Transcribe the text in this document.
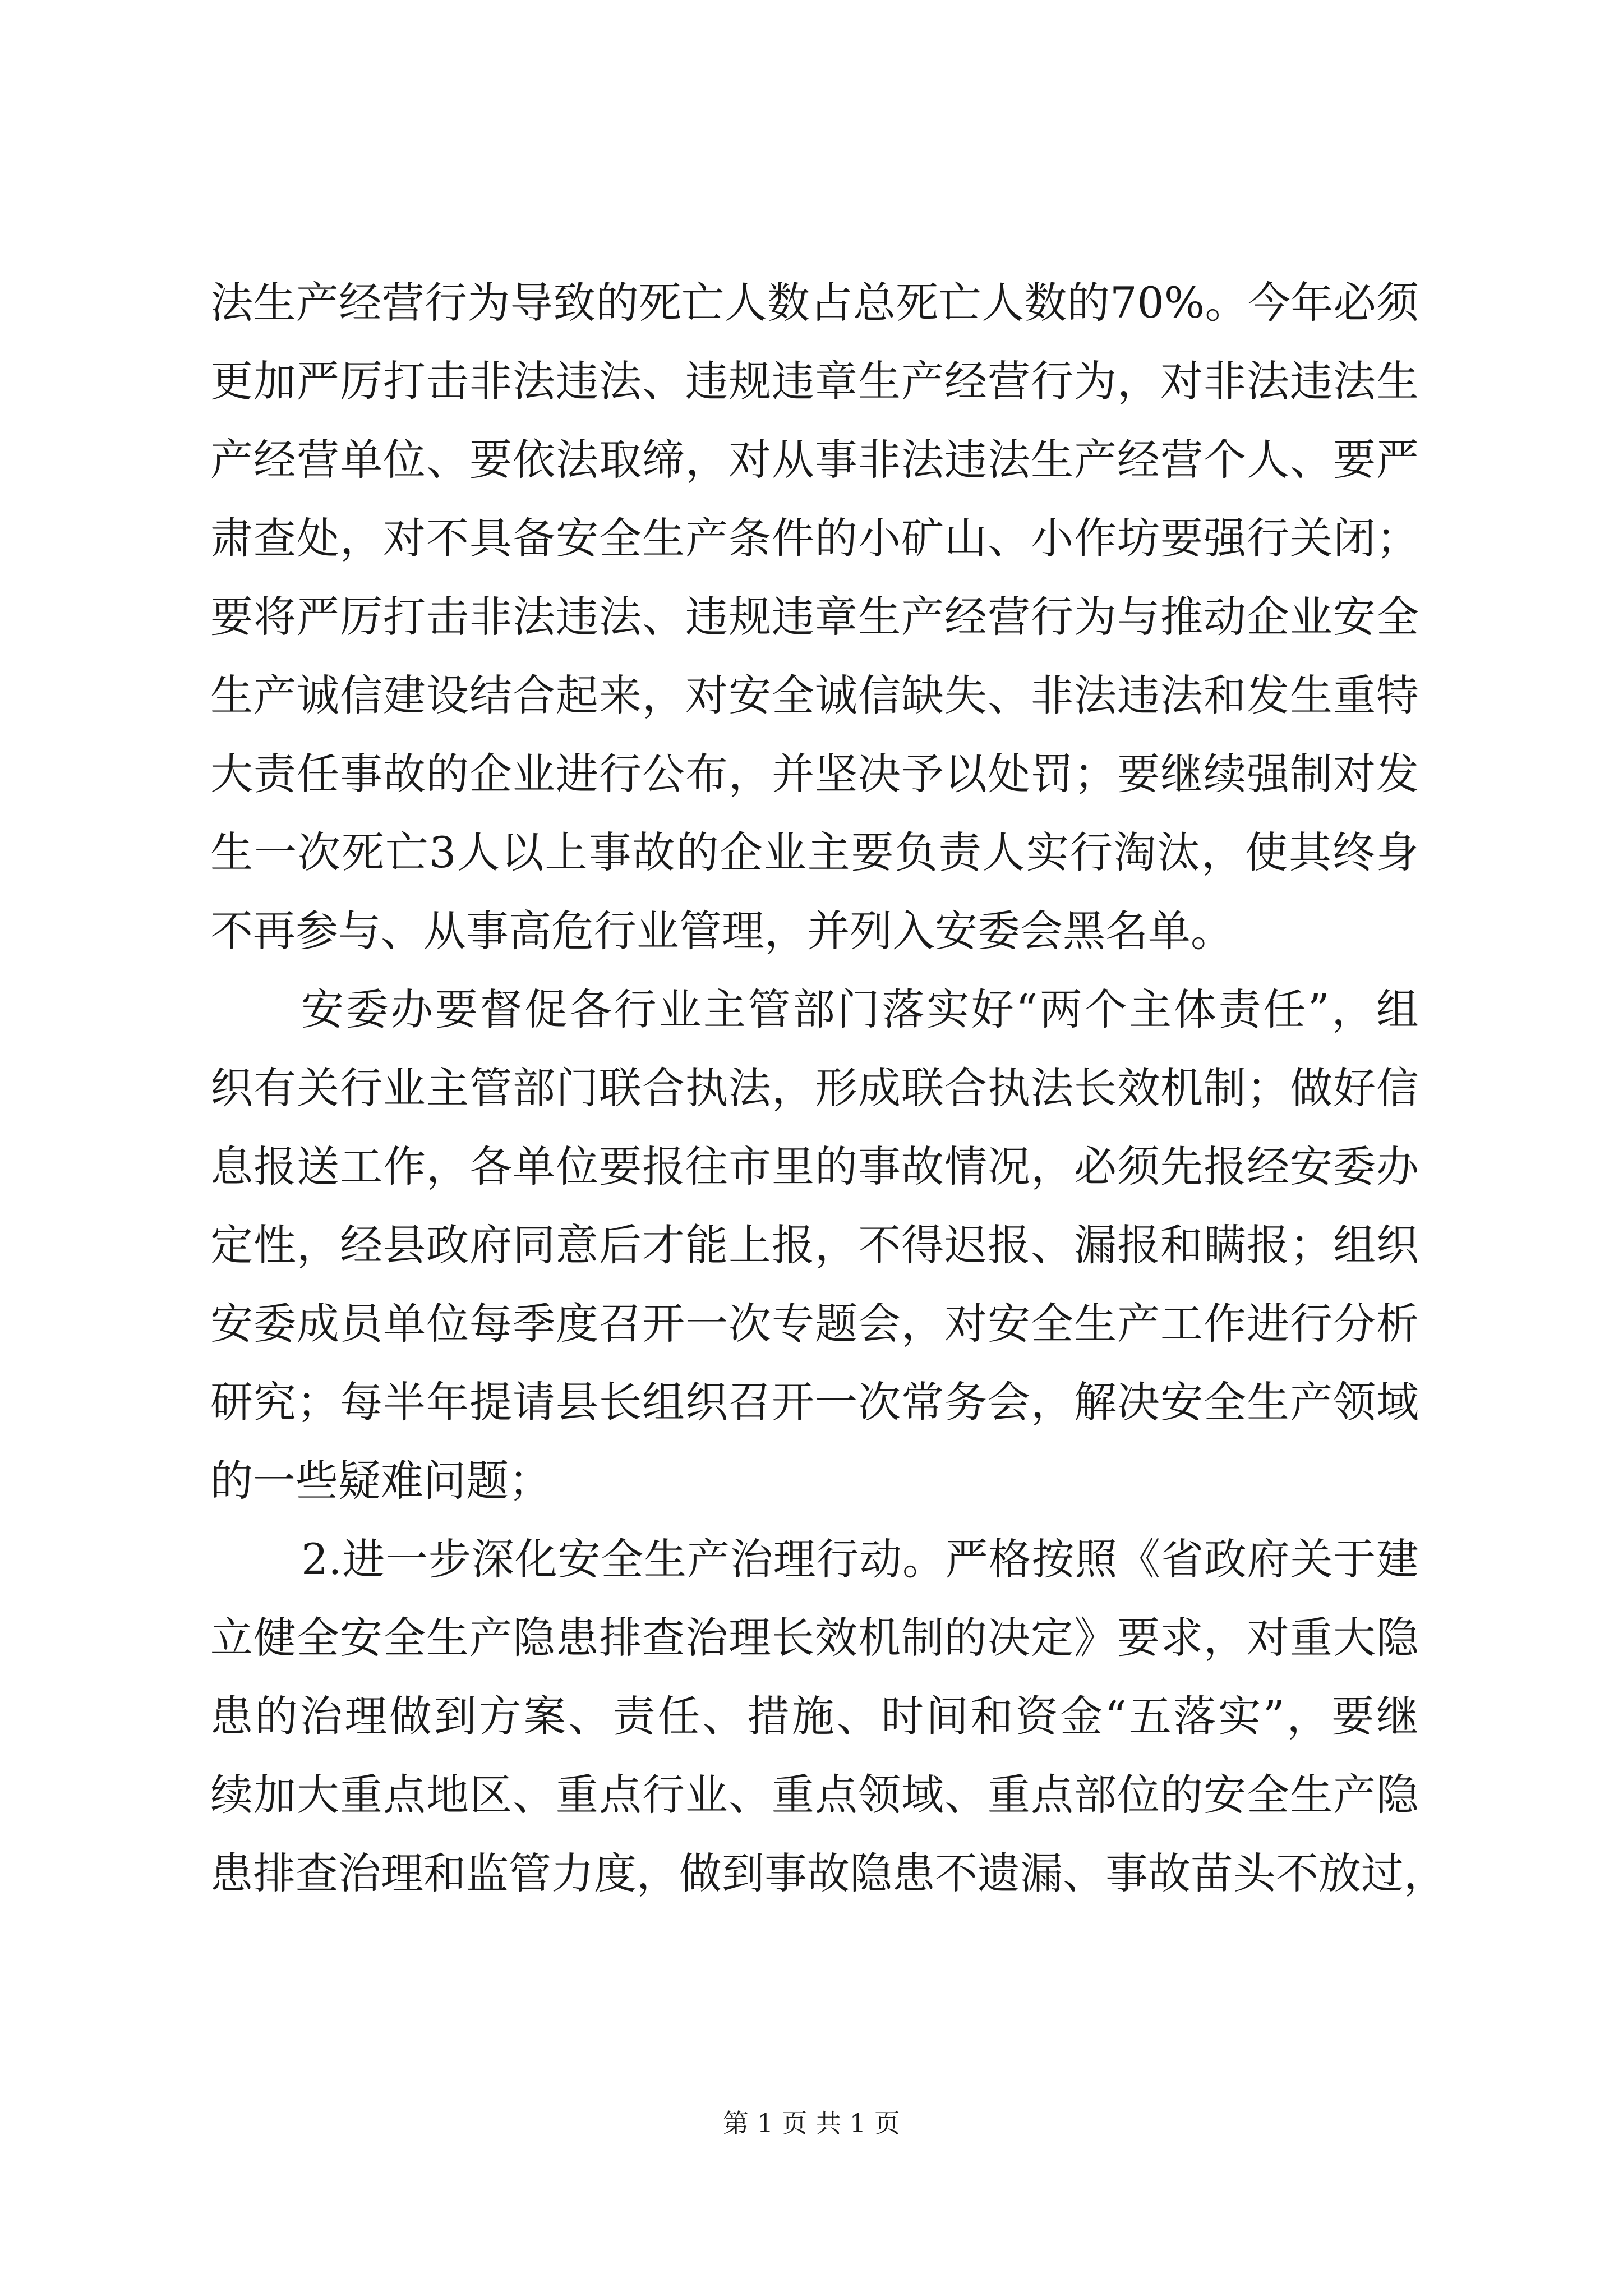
法生产经营行为导致的死亡人数占总死亡人数的70%。今年必须
更加严厉打击非法违法、违规违章生产经营行为，对非法违法生
产经营单位、要依法取缔，对从事非法违法生产经营个人、要严
肃查处，对不具备安全生产条件的小矿山、小作坊要强行关闭；
要将严厉打击非法违法、违规违章生产经营行为与推动企业安全
生产诚信建设结合起来，对安全诚信缺失、非法违法和发生重特
大责任事故的企业进行公布，并坚决予以处罚；要继续强制对发
生一次死亡3人以上事故的企业主要负责人实行淘汰，使其终身
不再参与、从事高危行业管理，并列入安委会黑名单。
安委办要督促各行业主管部门落实好“两个主体责任”，组
织有关行业主管部门联合执法，形成联合执法长效机制；做好信
息报送工作，各单位要报往市里的事故情况，必须先报经安委办
定性，经县政府同意后才能上报，不得迟报、漏报和瞒报；组织
安委成员单位每季度召开一次专题会，对安全生产工作进行分析
研究；每半年提请县长组织召开一次常务会，解决安全生产领域
的一些疑难问题；
2.进一步深化安全生产治理行动。严格按照《省政府关于建
立健全安全生产隐患排查治理长效机制的决定》要求，对重大隐
患的治理做到方案、责任、措施、时间和资金“五落实”，要继
续加大重点地区、重点行业、重点领域、重点部位的安全生产隐
患排查治理和监管力度，做到事故隐患不遗漏、事故苗头不放过，
第 1 页 共 1 页
